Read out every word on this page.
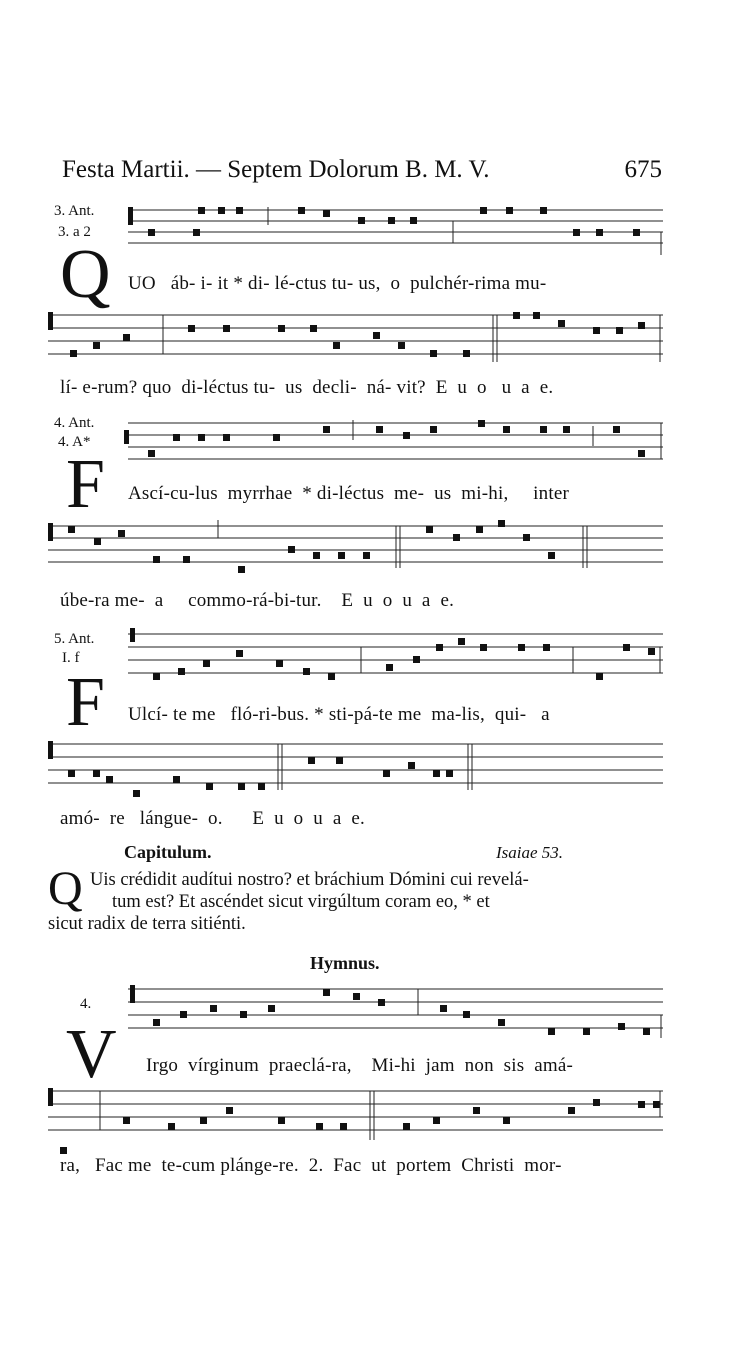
Festa Martii. — Septem Dolorum B. M. V.	675
3. Ant.
3. a 2
Q UO   áb- i- it * di- lé-ctus tu- us,  o  pulchér-rima mu-
lí- e-rum? quo  di-léctus tu-  us  decli-  ná- vit?  E  u  o   u  a  e.
4. Ant.
4. A*
F Ascí-cu-lus  myrrhae  * di-léctus  me-  us  mi-hi,     inter
úbe-ra me-  a     commo-rá-bi-tur.    E  u  o  u  a  e.
5. Ant.
I. f
F Ulcí- te me   fló-ri-bus. * sti-pá-te me  ma-lis,  qui-   a
amó-  re   lángue-  o.      E  u  o  u  a  e.
Capitulum.	Isaiae 53.
Q Uis crédidit audítui nostro? et bráchium Dómini cui revelá-
tum est? Et ascéndet sicut virgúltum coram eo, * et
sicut radix de terra sitiénti.
Hymnus.
4.
V Irgo  vírginum  praeclá-ra,    Mi-hi  jam  non  sis  amá-
ra,   Fac me  te-cum plánge-re.  2.  Fac  ut  portem  Christi  mor-
